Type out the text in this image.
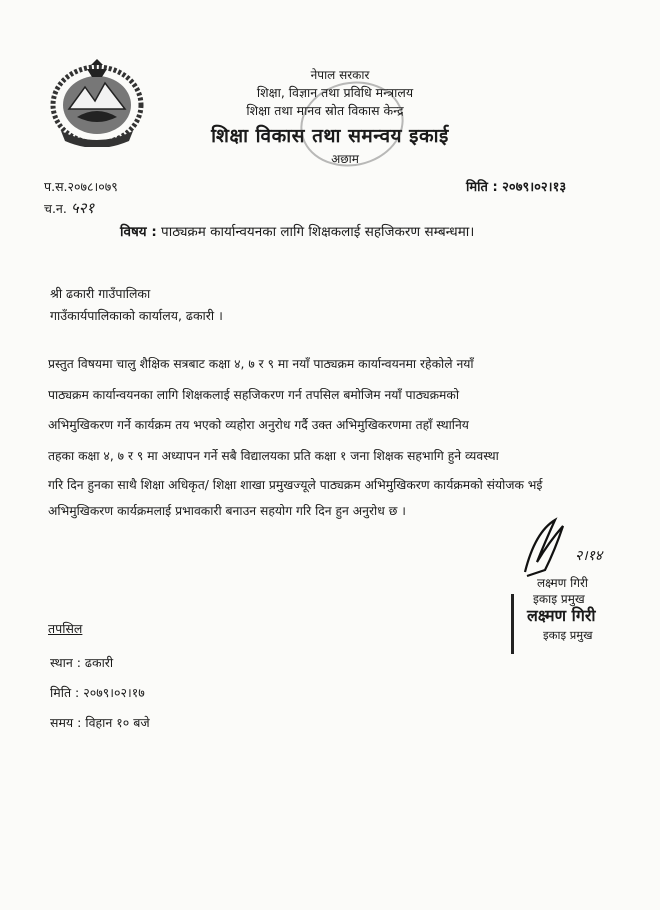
नेपाल सरकार
शिक्षा, विज्ञान तथा प्रविधि मन्त्रालय
शिक्षा तथा मानव स्रोत विकास केन्द्र
शिक्षा विकास तथा समन्वय इकाई
अछाम
प.स.२०७८।०७९	मिति : २०७९।०२।१३
च.न. ५२१
विषय : पाठ्यक्रम कार्यान्वयनका लागि शिक्षकलाई सहजिकरण सम्बन्धमा।
श्री ढकारी गाउँपालिका
गाउँकार्यपालिकाको कार्यालय, ढकारी ।
प्रस्तुत विषयमा चालु शैक्षिक सत्रबाट कक्षा ४, ७ र ९ मा नयाँ पाठ्यक्रम कार्यान्वयनमा रहेकोले नयाँ
पाठ्यक्रम कार्यान्वयनका लागि शिक्षकलाई सहजिकरण गर्न तपसिल बमोजिम नयाँ पाठ्यक्रमको
अभिमुखिकरण गर्ने कार्यक्रम तय भएको व्यहोरा अनुरोध गर्दै उक्त अभिमुखिकरणमा तहाँ स्थानिय
तहका कक्षा ४, ७ र ९ मा अध्यापन गर्ने सबै विद्यालयका प्रति कक्षा १ जना शिक्षक सहभागि हुने व्यवस्था
गरि दिन हुनका साथै शिक्षा अधिकृत/ शिक्षा शाखा प्रमुखज्यूले पाठ्यक्रम अभिमुखिकरण कार्यक्रमको संयोजक भई
अभिमुखिकरण कार्यक्रमलाई प्रभावकारी बनाउन सहयोग गरि दिन हुन अनुरोध छ ।
२।१४
लक्ष्मण गिरी
इकाइ प्रमुख
लक्ष्मण गिरी
इकाइ प्रमुख
तपसिल
स्थान : ढकारी
मिति : २०७९।०२।१७
समय : विहान १० बजे
